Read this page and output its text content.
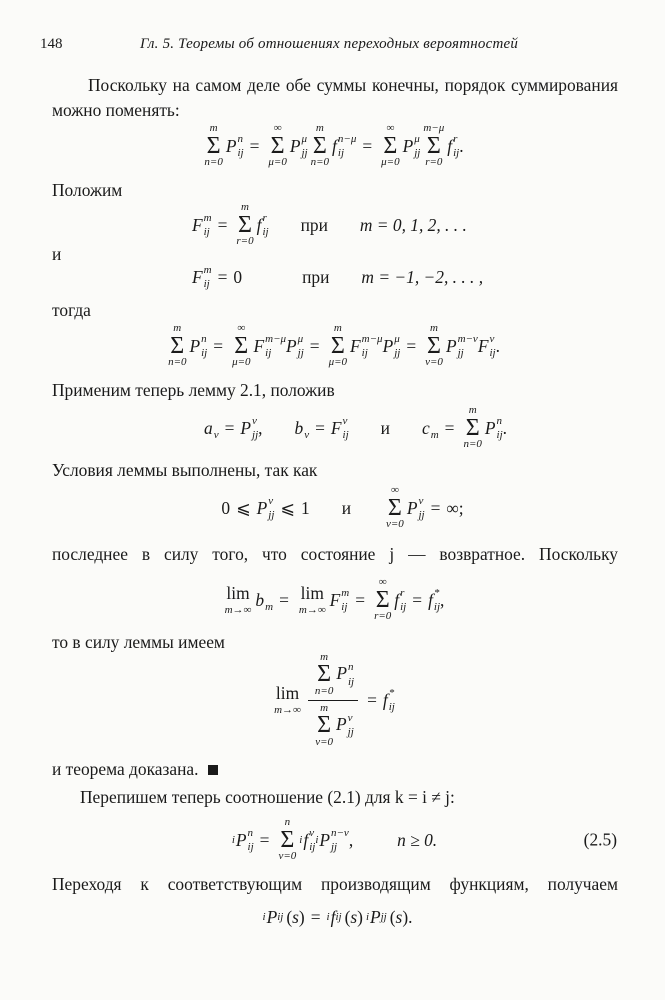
148	Гл. 5. Теоремы об отношениях переходных вероятностей
Поскольку на самом деле обе суммы конечны, порядок суммирования можно поменять:
m
Σ
n=0
P n
ij =
∞
Σ
μ=0
P μ
jj
m
Σ
n=0
f n−μ
ij	=
∞
Σ
μ=0
P μ
jj
m−μ
Σ
r=0
f r
ij .
Положим
F m
ij =
m
Σ
r=0
f r
ij при m = 0, 1, 2, . . .
и
F m
ij = 0	при m = −1, −2, . . . ,
тогда
m
Σ
n=0
P n
ij =
∞
Σ
μ=0
F m−μ
ij P μ
jj =
m
Σ
μ=0
F m−μ
ij P μ
jj =
m
Σ
ν=0
P m−ν
jj F ν
ij .
Применим теперь лемму 2.1, положив
a ν = P ν
jj , b ν = F ν
ij и c m =
m
Σ
n=0
P n
ij .
Условия леммы выполнены, так как
0 ⩽ P ν
jj ⩽ 1 и
∞
Σ
ν=0
P ν
jj = ∞;
последнее в силу того, что состояние j — возвратное. Поскольку
lim
m→∞
b m = lim
m→∞
F m
ij =
∞
Σ
r=0
f r
ij = f *
ij ,
то в силу леммы имеем
lim
m→∞ m
Σ
n=0
P n
ij
m
Σ
ν=0
P ν
jj = f *
ij
и теорема доказана.
Перепишем теперь соотношение (2.1) для k = i ≠ j:
i P n
ij =
n
Σ
ν=0
i f ν
ij
i P n−ν
jj ,	n ≥ 0.	(2.5)
Переходя к соответствующим производящим функциям, получаем
i P ij ( s ) = i f ij ( s ) i P jj ( s ).
